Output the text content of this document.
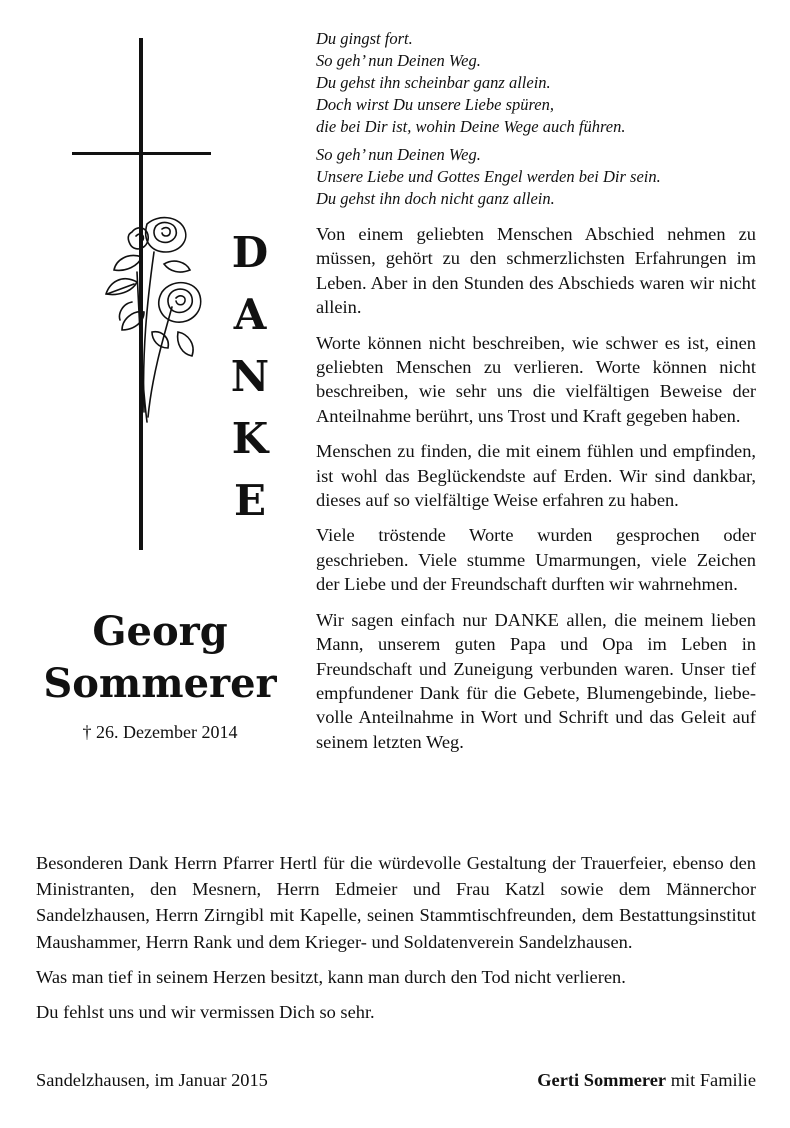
D
A
N
K
E
Georg
Sommerer
† 26. Dezember 2014
Du gingst fort.
So geh’ nun Deinen Weg.
Du gehst ihn scheinbar ganz allein.
Doch wirst Du unsere Liebe spüren,
die bei Dir ist, wohin Deine Wege auch führen.
So geh’ nun Deinen Weg.
Unsere Liebe und Gottes Engel werden bei Dir sein.
Du gehst ihn doch nicht ganz allein.

Von einem geliebten Menschen Abschied nehmen zu müssen, gehört zu den schmerzlichsten Erfahrungen im Leben. Aber in den Stunden des Abschieds waren wir nicht allein.

Worte können nicht beschreiben, wie schwer es ist, einen geliebten Menschen zu verlieren. Worte können nicht beschreiben, wie sehr uns die vielfältigen Beweise der Anteilnahme berührt, uns Trost und Kraft gegeben haben.

Menschen zu finden, die mit einem fühlen und empfinden, ist wohl das Beglückendste auf Erden. Wir sind dankbar, dieses auf so vielfältige Weise erfahren zu haben.

Viele tröstende Worte wurden gesprochen oder geschrieben. Viele stumme Umarmungen, viele Zeichen der Liebe und der Freundschaft durften wir wahrnehmen.

Wir sagen einfach nur DANKE allen, die meinem lieben Mann, unserem guten Papa und Opa im Leben in Freundschaft und Zuneigung verbunden waren. Unser tief empfundener Dank für die Gebete, Blumengebinde, liebevolle Anteilnahme in Wort und Schrift und das Geleit auf seinem letzten Weg.

Besonderen Dank Herrn Pfarrer Hertl für die würdevolle Gestaltung der Trauerfeier, ebenso den Ministranten, den Mesnern, Herrn Edmeier und Frau Katzl sowie dem Männerchor Sandelzhausen, Herrn Zirngibl mit Kapelle, seinen Stammtischfreunden, dem Bestattungsinstitut Maushammer, Herrn Rank und dem Krieger- und Soldatenverein Sandelzhausen.

Was man tief in seinem Herzen besitzt, kann man durch den Tod nicht verlieren.

Du fehlst uns und wir vermissen Dich so sehr.

Sandelzhausen, im Januar 2015	Gerti Sommerer mit Familie
